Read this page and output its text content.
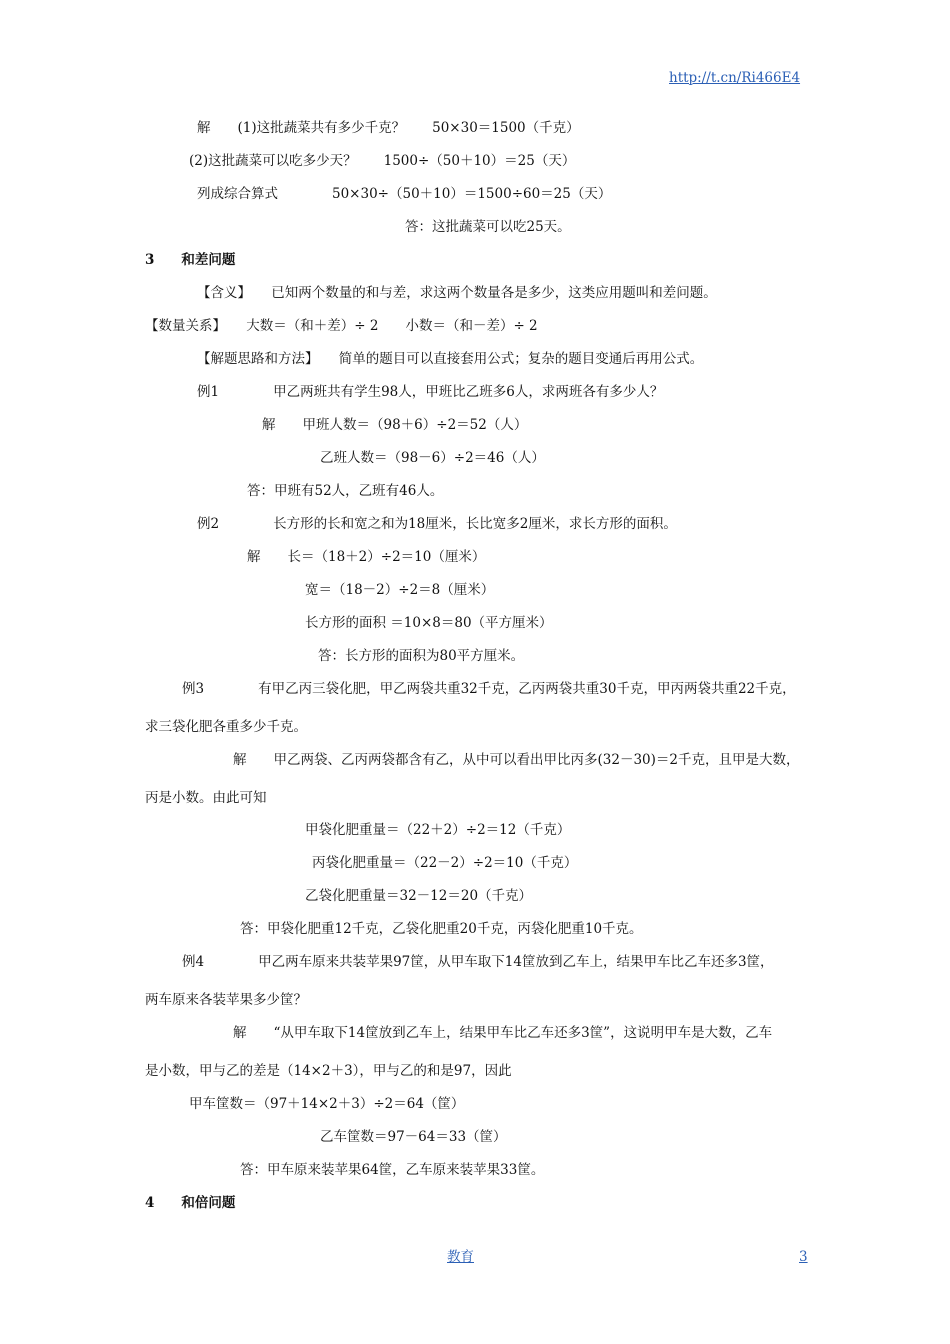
http://t.cn/Ri466E4
解　　(1)这批蔬菜共有多少千克？　　50×30＝1500（千克）
(2)这批蔬菜可以吃多少天？　　1500÷（50＋10）＝25（天）
列成综合算式　　　　50×30÷（50＋10）＝1500÷60＝25（天）
答：这批蔬菜可以吃25天。
3　　和差问题
【含义】　　已知两个数量的和与差，求这两个数量各是多少，这类应用题叫和差问题。
【数量关系】　　大数＝（和＋差）÷ 2　　小数＝（和－差）÷ 2
【解题思路和方法】　　简单的题目可以直接套用公式；复杂的题目变通后再用公式。
例1　　　　甲乙两班共有学生98人，甲班比乙班多6人，求两班各有多少人？
解　　甲班人数＝（98＋6）÷2＝52（人）
乙班人数＝（98－6）÷2＝46（人）
答：甲班有52人，乙班有46人。
例2　　　　长方形的长和宽之和为18厘米，长比宽多2厘米，求长方形的面积。
解　　长＝（18＋2）÷2＝10（厘米）
宽＝（18－2）÷2＝8（厘米）
长方形的面积 ＝10×8＝80（平方厘米）
答：长方形的面积为80平方厘米。
例3　　　　有甲乙丙三袋化肥，甲乙两袋共重32千克，乙丙两袋共重30千克，甲丙两袋共重22千克，
求三袋化肥各重多少千克。
解　　甲乙两袋、乙丙两袋都含有乙，从中可以看出甲比丙多(32－30)＝2千克，且甲是大数，
丙是小数。由此可知
甲袋化肥重量＝（22＋2）÷2＝12（千克）
丙袋化肥重量＝（22－2）÷2＝10（千克）
乙袋化肥重量＝32－12＝20（千克）
答：甲袋化肥重12千克，乙袋化肥重20千克，丙袋化肥重10千克。
例4　　　　甲乙两车原来共装苹果97筐，从甲车取下14筐放到乙车上，结果甲车比乙车还多3筐，
两车原来各装苹果多少筐？
解　　“从甲车取下14筐放到乙车上，结果甲车比乙车还多3筐”，这说明甲车是大数，乙车
是小数，甲与乙的差是（14×2＋3），甲与乙的和是97，因此
甲车筐数＝（97＋14×2＋3）÷2＝64（筐）
乙车筐数＝97－64＝33（筐）
答：甲车原来装苹果64筐，乙车原来装苹果33筐。
4　　和倍问题
教育	3
